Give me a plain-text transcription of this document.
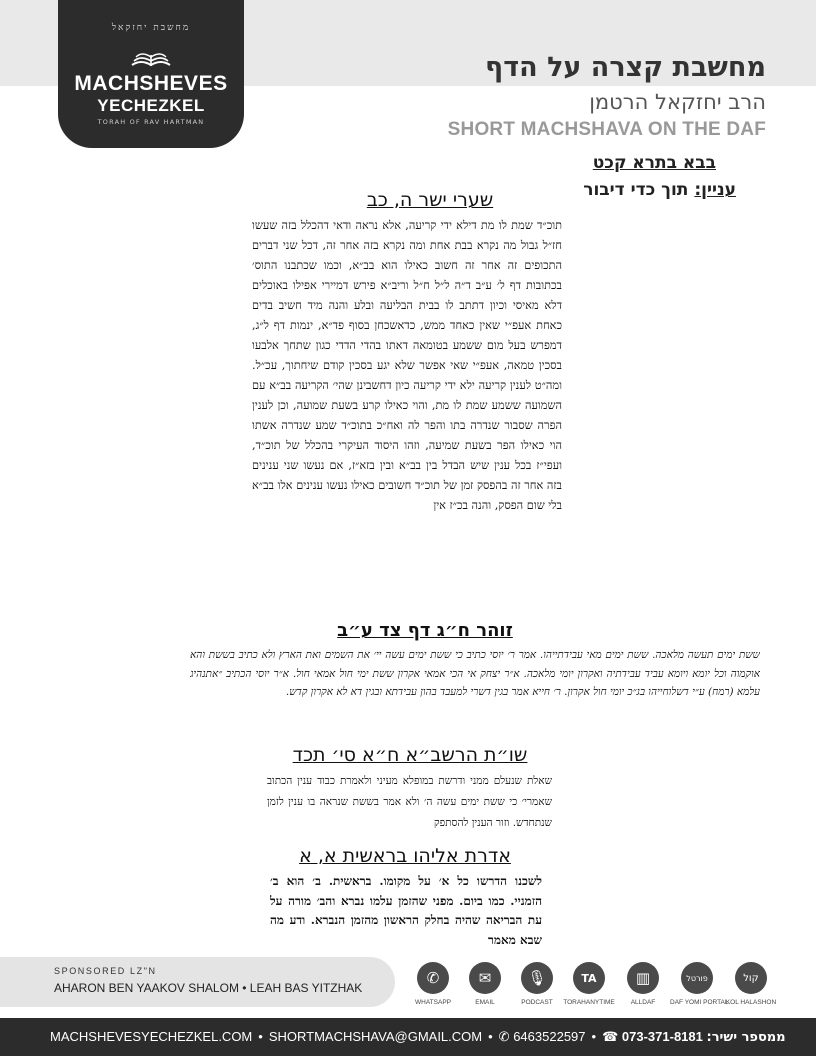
מחשבת יחזקאל
MACHSHEVES
YECHEZKEL
TORAH OF RAV HARTMAN
מחשבת קצרה על הדף
הרב יחזקאל הרטמן
SHORT MACHSHAVA ON THE DAF
בבא בתרא קכט
עניין: תוך כדי דיבור
שערי ישר ה, כב
תוכ״ד שמת לו מת דילא ידי קריעה, אלא נראה ודאי דהכלל בזה שעשו חז״ל גבול מה נקרא בבת אחת ומה נקרא בזה אחר זה, דכל שני דברים התכופים זה אחר זה חשוב כאילו הוא בב״א, וכמו שכתבנו התוס׳ בכתובות דף ל׳ ע״ב ד״ה ל״ל ח״ל וריב״א פירש דמיירי אפילו באוכלים דלא מאיסי וכיון דתתב לו בבית הבליעה ובלע והנה מיד חשיב בדים כאחת אעפ״י שאין כאחד ממש, כדאשכחן בסוף פד״א, ינמות דף ל״ג, דמפרש בעל מום ששמע בטומאה דאתו בהדי הדדי כגון שתחך אלבעו בסכין טמאה, אעפ״י שאי אפשר שלא יגע בסכין קודם שיחתוך, עכ״ל. ומה״ט לענין קריעה ילא ידי קריעה כיון דחשבינן שהי׳ הקריעה בב״א עם השמועה ששמע שמת לו מת, והוי כאילו קרע בשעת שמועה, וכן לענין הפרה שסבור שנדרה בתו והפר לה ואח״כ בתוכ״ד שמע שנדרה אשתו הוי כאילו הפר בשעת שמיעה, וזהו היסוד העיקרי בהכלל של תוכ״ד, ועפי״ז בכל ענין שיש הבדל בין בב״א ובין בזא״ז, אם נעשו שני ענינים בזה אחר זה בהפסק זמן של תוכ״ד חשובים כאילו נעשו ענינים אלו בב״א בלי שום הפסק, והנה בכ״ז אין
זוהר ח״ג דף צד ע״ב
ששת ימים תעשה מלאכה. ששת ימים מאי עבידתייהו. אמר ר׳ יוסי כתיב כי ששת ימים עשה יי׳ את השמים ואת הארץ ולא כתיב בששת והא אוקמוה וכל יומא ויומא עביד עבידתיה ואקרון יומי מלאכה. א״ר יצחק אי הכי אמאי אקרון ששת ימי חול אמאי חול. א״ר יוסי הכתיב ״אתנהיג עלמא (רמח) ע״י דשלוחייהו בג״כ יומי חול אקרון. ר׳ חייא אמר בגין דשרי למעבד בהון עבידתא ובגין דא לא אקרון קדש.
שו״ת הרשב״א ח״א סי׳ תכד
שאלת שנעלם ממני ודרשת במופלא מעיני ולאמרת כבוד ענין הכתוב שאמרי׳ כי ששת ימים עשה ה׳ ולא אמר בששת שנראה בו ענין לזמן שנתחדש. וזור הענין להסתפק
אדרת אליהו בראשית א, א
לשכנו הדרשו כל א׳ על מקומו. בראשית. ב׳ הוא ב׳ הזמניי. כמו ביום. מפני שהזמן עלמו נברא והב׳ מורה על עת הבריאה שהיה בחלק הראשון מהזמן הנברא. ודע מה שבא מאמר
SPONSORED LZ"N
AHARON BEN YAAKOV SHALOM • LEAH BAS YITZHAK
✆
WHATSAPP
✉
EMAIL
🎙
PODCAST
TA
TORAHANYTIME
▥
ALLDAF
פורטל
DAF YOMI PORTAL
קול
KOL HALASHON
MACHSHEVESYECHEZKEL.COM • SHORTMACHSHAVA@GMAIL.COM • ✆ 6463522597 • ☎ 073-371-8181 ממספר ישיר:
